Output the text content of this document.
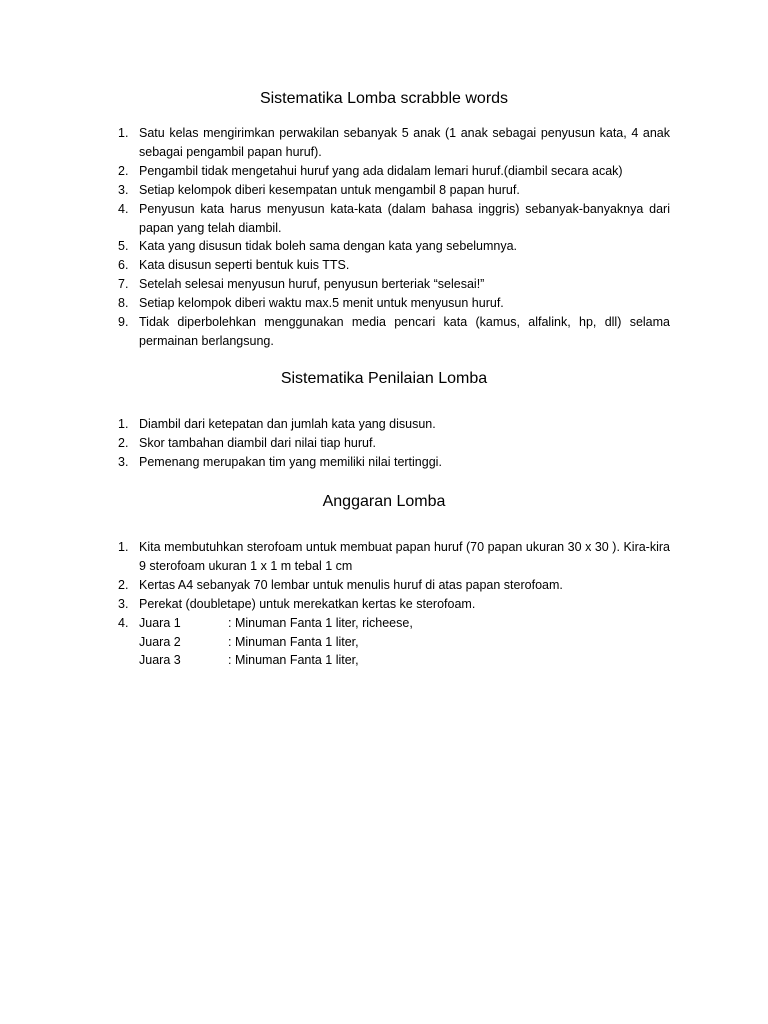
Sistematika Lomba scrabble words
1. Satu kelas mengirimkan perwakilan sebanyak 5 anak (1 anak sebagai penyusun kata, 4 anak sebagai pengambil papan huruf).
2. Pengambil tidak mengetahui huruf yang ada didalam lemari huruf.(diambil secara acak)
3. Setiap kelompok diberi kesempatan untuk mengambil 8 papan huruf.
4. Penyusun kata harus menyusun kata-kata (dalam bahasa inggris) sebanyak-banyaknya dari papan yang telah diambil.
5. Kata yang disusun tidak boleh sama dengan kata yang sebelumnya.
6. Kata disusun seperti bentuk kuis TTS.
7. Setelah selesai menyusun huruf, penyusun berteriak “selesai!”
8. Setiap kelompok diberi waktu max.5 menit untuk menyusun huruf.
9. Tidak diperbolehkan menggunakan media pencari kata (kamus, alfalink, hp, dll) selama permainan berlangsung.
Sistematika Penilaian Lomba
1. Diambil dari ketepatan dan jumlah kata yang disusun.
2. Skor tambahan diambil dari nilai tiap huruf.
3. Pemenang merupakan tim yang memiliki nilai tertinggi.
Anggaran Lomba
1. Kita membutuhkan sterofoam untuk membuat papan huruf (70 papan ukuran 30 x 30 ). Kira-kira 9 sterofoam ukuran 1 x 1 m tebal 1 cm
2. Kertas A4 sebanyak 70 lembar untuk menulis huruf di atas papan sterofoam.
3. Perekat (doubletape) untuk merekatkan kertas ke sterofoam.
4. Juara 1	: Minuman Fanta 1 liter, richeese,
Juara 2	: Minuman Fanta 1 liter,
Juara 3	: Minuman Fanta 1 liter,
